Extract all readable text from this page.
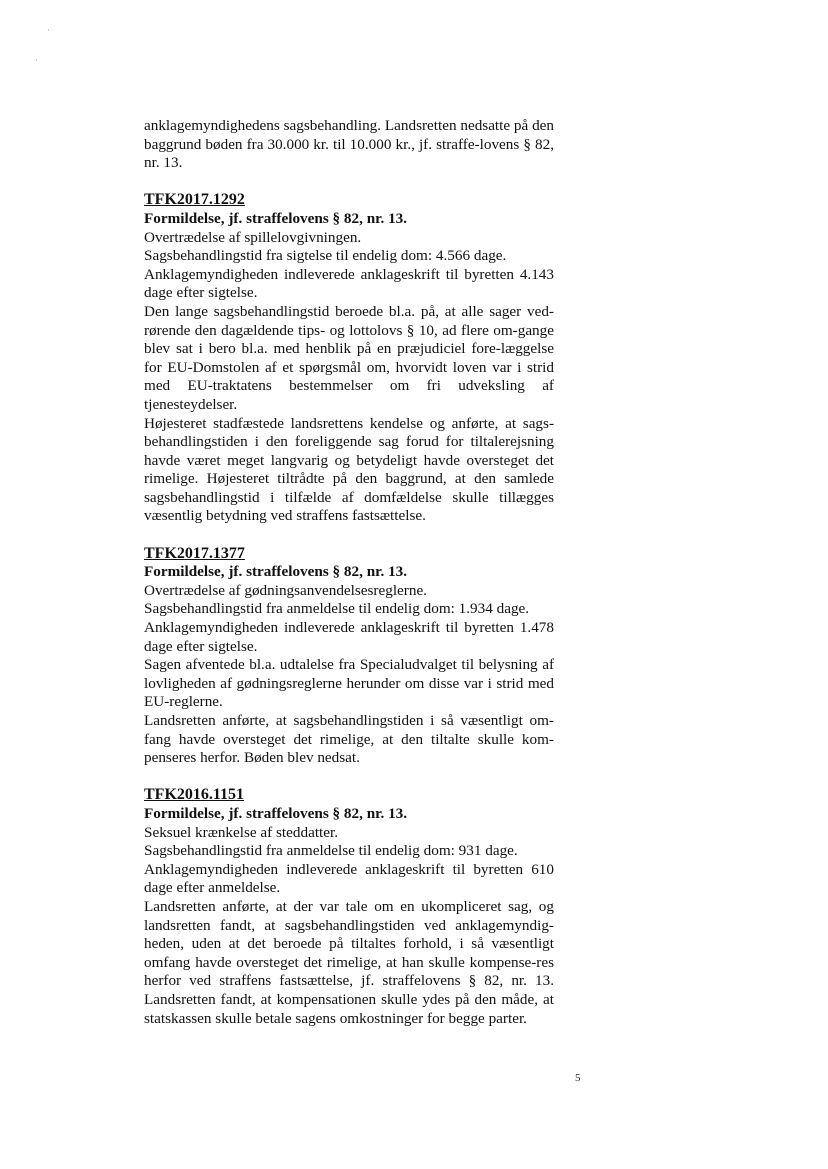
·
·

anklagemyndighedens sagsbehandling. Landsretten nedsatte på den baggrund bøden fra 30.000 kr. til 10.000 kr., jf. straffe-lovens § 82, nr. 13.

TFK2017.1292

Formildelse, jf. straffelovens § 82, nr. 13.

Overtrædelse af spillelovgivningen.

Sagsbehandlingstid fra sigtelse til endelig dom: 4.566 dage.

Anklagemyndigheden indleverede anklageskrift til byretten 4.143 dage efter sigtelse.

Den lange sagsbehandlingstid beroede bl.a. på, at alle sager ved-rørende den dagældende tips- og lottolovs § 10, ad flere om-gange blev sat i bero bl.a. med henblik på en præjudiciel fore-læggelse for EU-Domstolen af et spørgsmål om, hvorvidt loven var i strid med EU-traktatens bestemmelser om fri udveksling af tjenesteydelser.

Højesteret stadfæstede landsrettens kendelse og anførte, at sags-behandlingstiden i den foreliggende sag forud for tiltalerejsning havde været meget langvarig og betydeligt havde oversteget det rimelige. Højesteret tiltrådte på den baggrund, at den samlede sagsbehandlingstid i tilfælde af domfældelse skulle tillægges væsentlig betydning ved straffens fastsættelse.

TFK2017.1377

Formildelse, jf. straffelovens § 82, nr. 13.

Overtrædelse af gødningsanvendelsesreglerne.

Sagsbehandlingstid fra anmeldelse til endelig dom: 1.934 dage.

Anklagemyndigheden indleverede anklageskrift til byretten 1.478 dage efter sigtelse.

Sagen afventede bl.a. udtalelse fra Specialudvalget til belysning af lovligheden af gødningsreglerne herunder om disse var i strid med EU-reglerne.

Landsretten anførte, at sagsbehandlingstiden i så væsentligt om-fang havde oversteget det rimelige, at den tiltalte skulle kom-penseres herfor. Bøden blev nedsat.

TFK2016.1151

Formildelse, jf. straffelovens § 82, nr. 13.

Seksuel krænkelse af steddatter.

Sagsbehandlingstid fra anmeldelse til endelig dom: 931 dage.

Anklagemyndigheden indleverede anklageskrift til byretten 610 dage efter anmeldelse.

Landsretten anførte, at der var tale om en ukompliceret sag, og landsretten fandt, at sagsbehandlingstiden ved anklagemyndig-heden, uden at det beroede på tiltaltes forhold, i så væsentligt omfang havde oversteget det rimelige, at han skulle kompense-res herfor ved straffens fastsættelse, jf. straffelovens § 82, nr. 13. Landsretten fandt, at kompensationen skulle ydes på den måde, at statskassen skulle betale sagens omkostninger for begge parter.

5
